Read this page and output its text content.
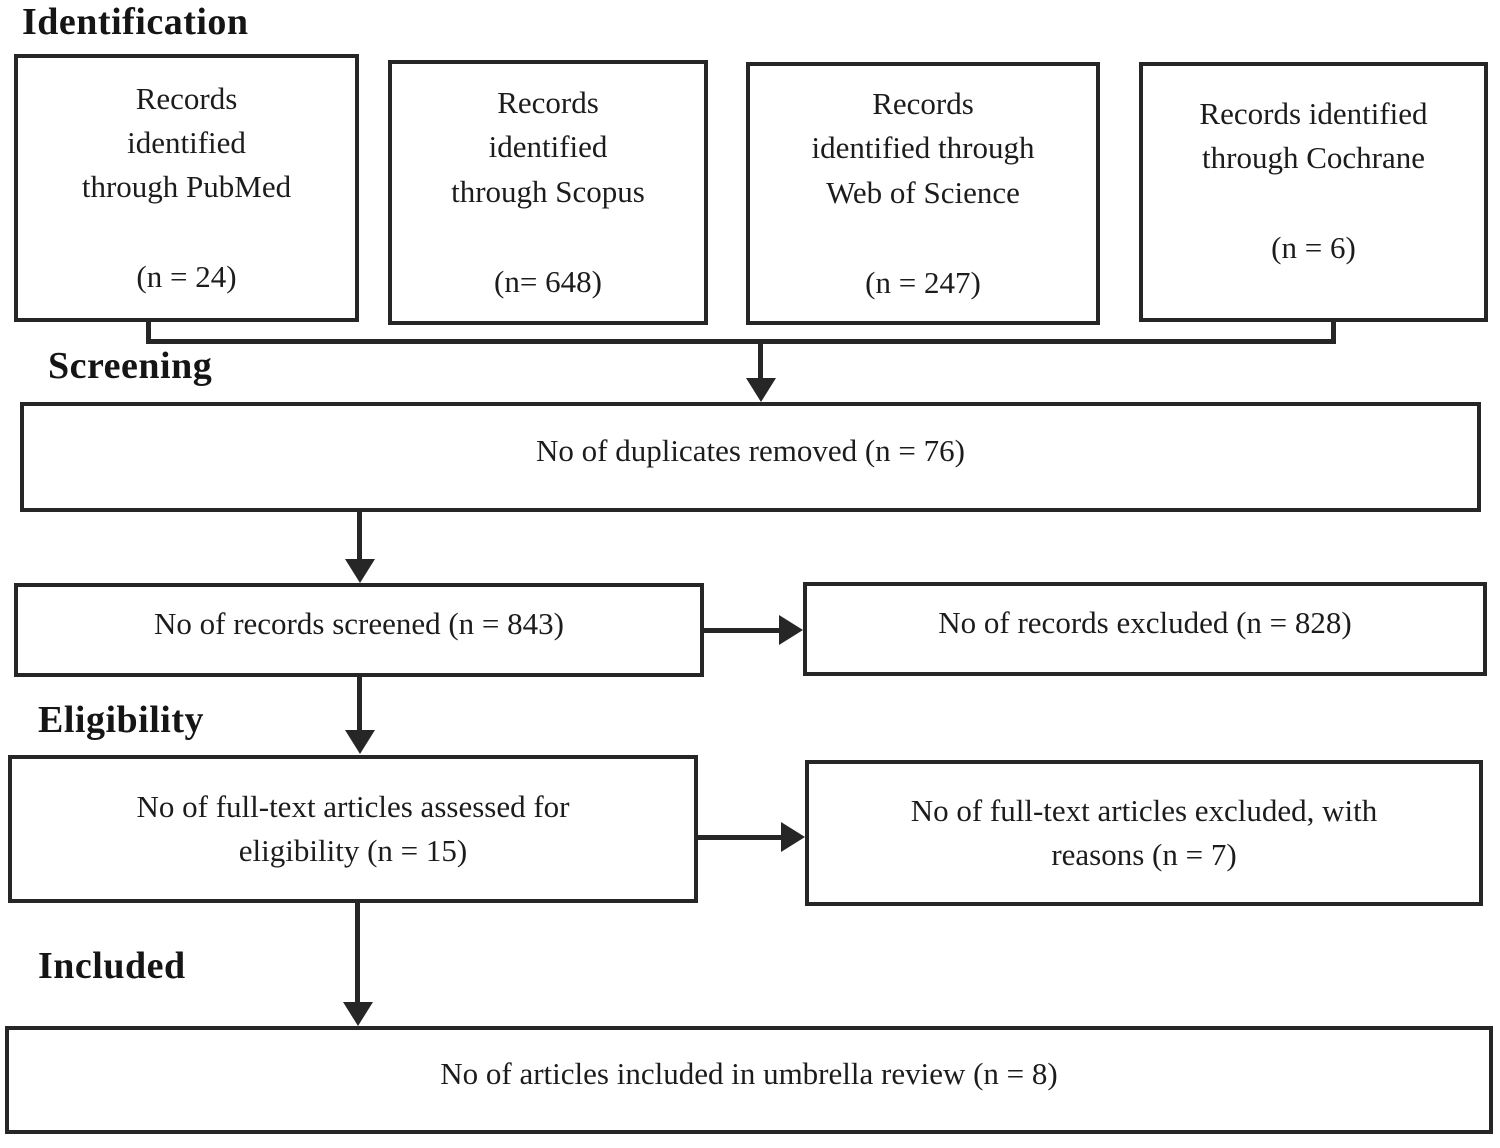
Identification
Screening
Eligibility
Included
Records
identified
through PubMed
(n = 24)
Records
identified
through Scopus
(n= 648)
Records
identified through
Web of Science
(n = 247)
Records identified
through Cochrane
(n = 6)
No of duplicates removed (n = 76)
No of records screened (n = 843)	No of records excluded (n = 828)
No of full-text articles assessed for
eligibility (n = 15)
No of full-text articles excluded, with
reasons (n = 7)
No of articles included in umbrella review (n = 8)
